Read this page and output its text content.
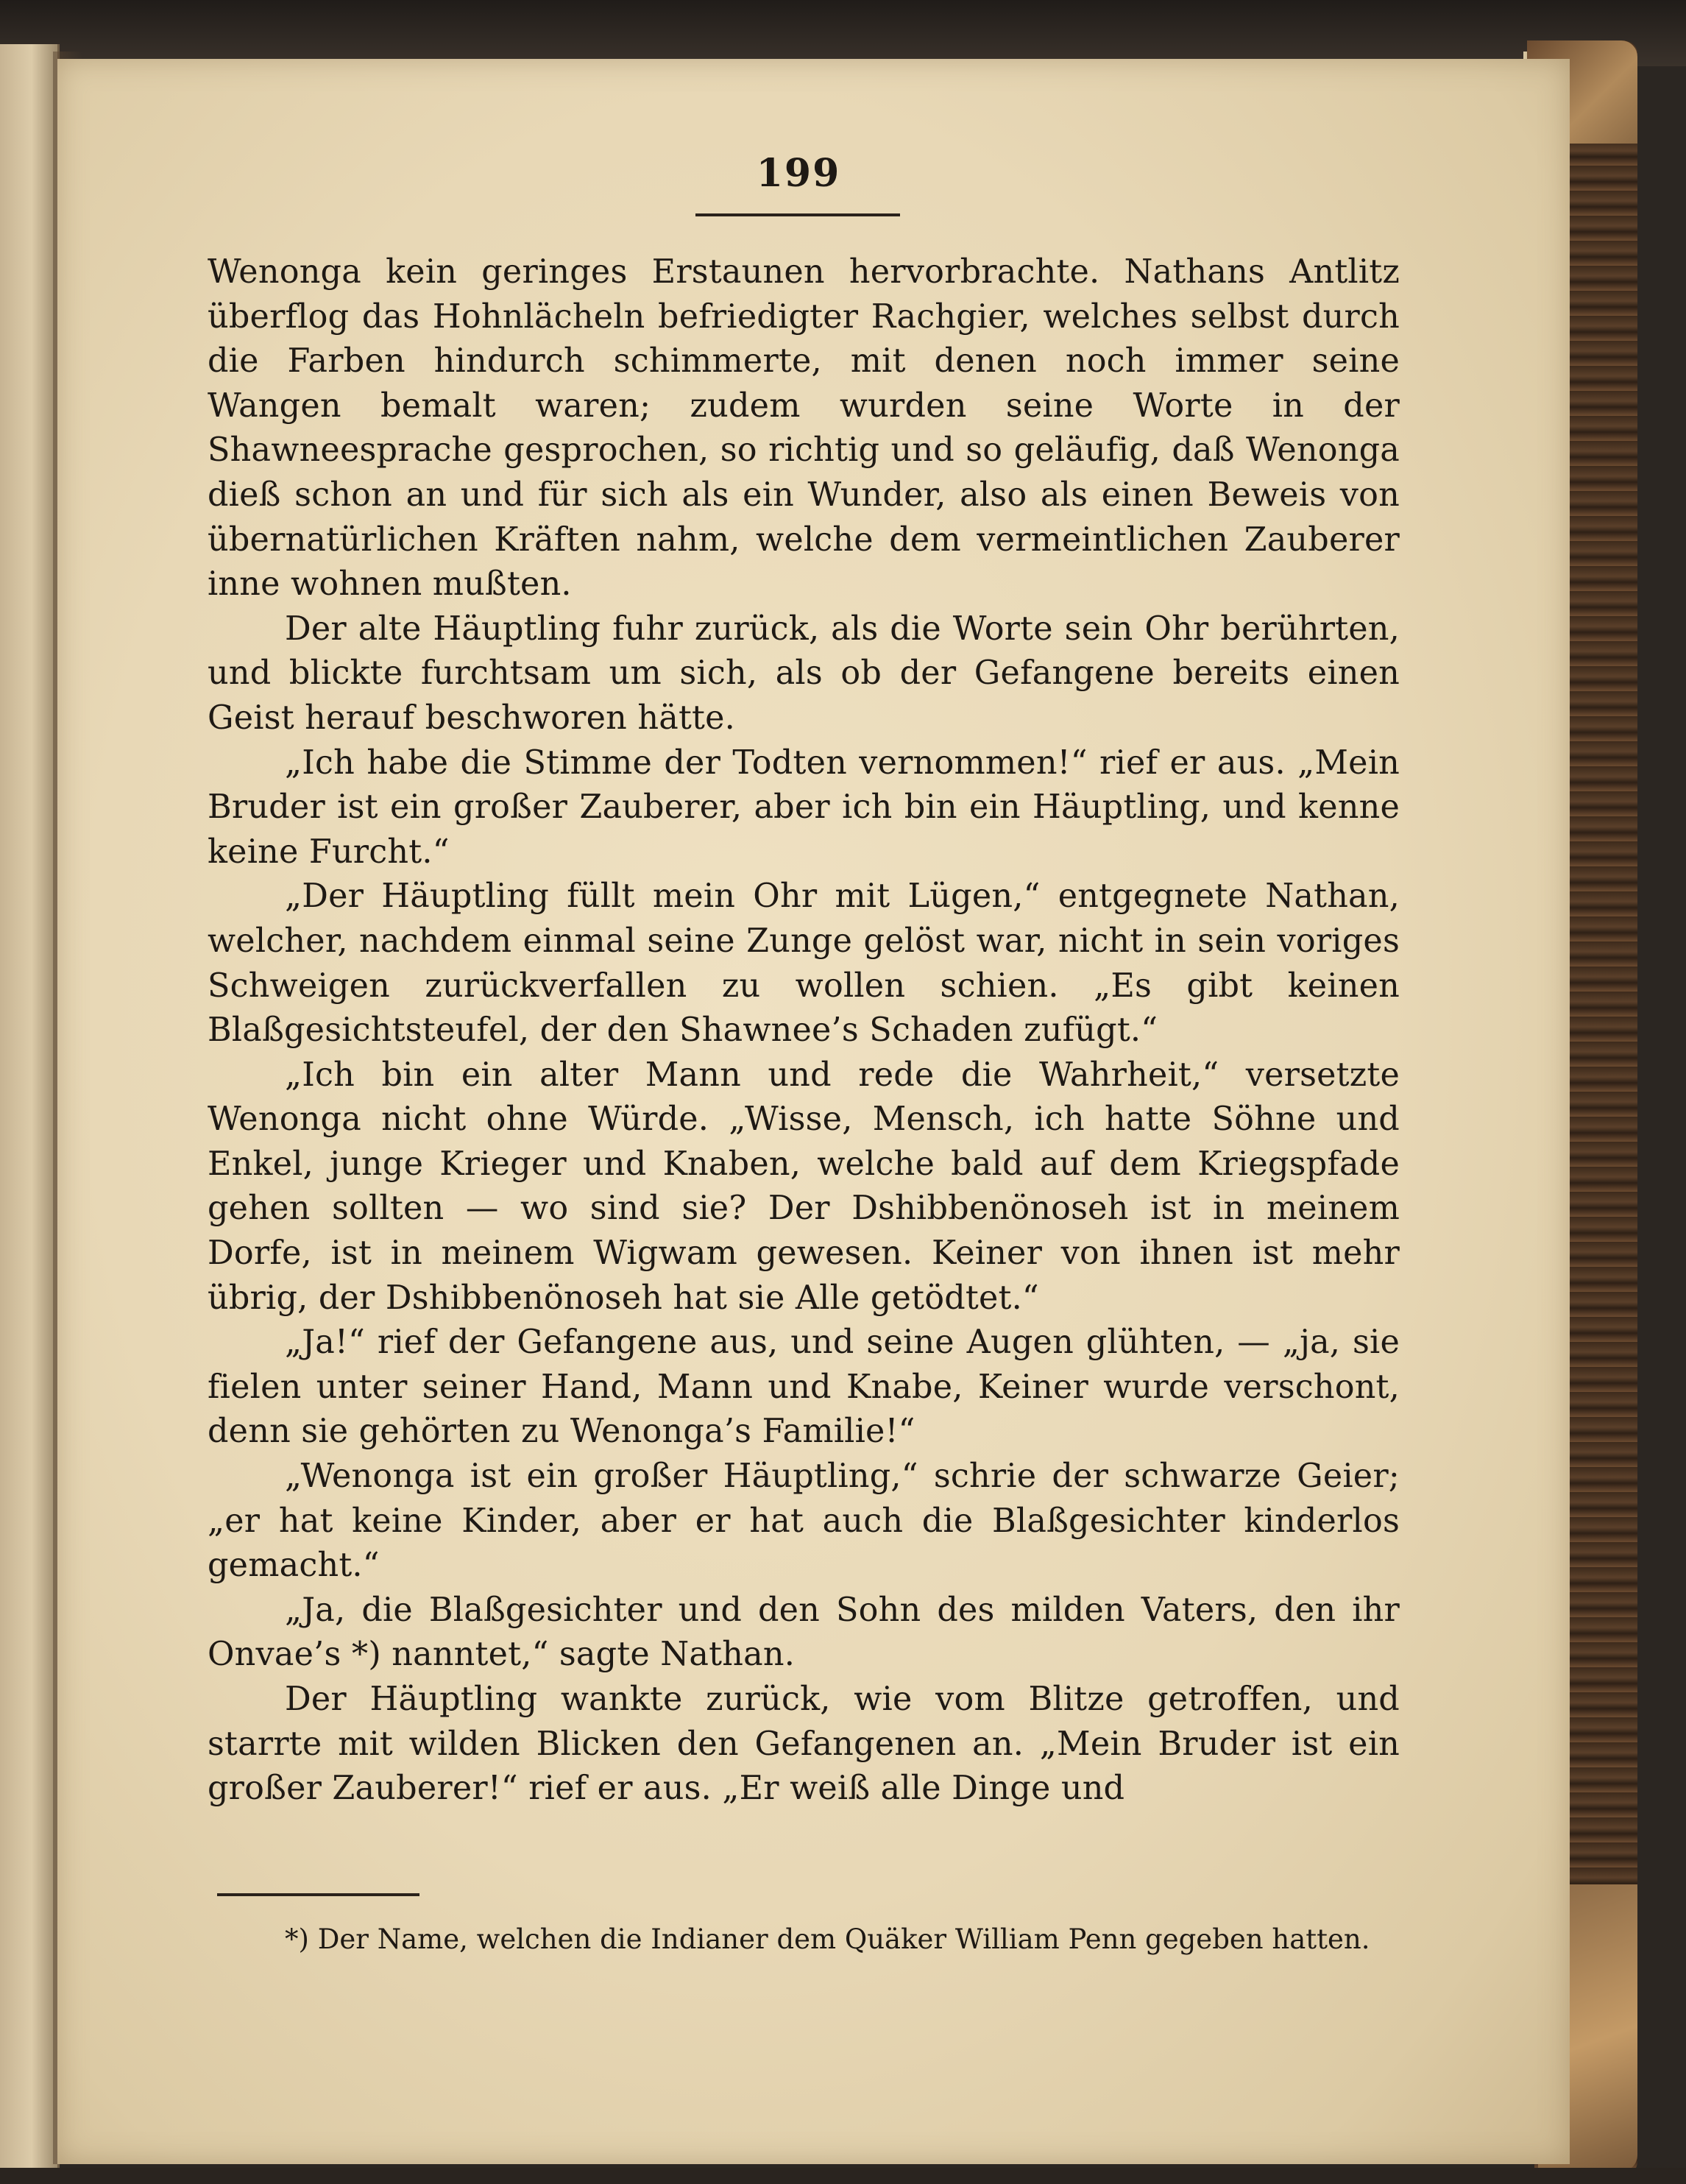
199

Wenonga kein geringes Erstaunen hervorbrachte. Nathans Antlitz überflog das Hohnlächeln befriedigter Rachgier, welches selbst durch die Farben hindurch schimmerte, mit denen noch immer seine Wangen bemalt waren; zudem wurden seine Worte in der Shawneesprache gesprochen, so richtig und so geläufig, daß Wenonga dieß schon an und für sich als ein Wunder, also als einen Beweis von übernatürlichen Kräften nahm, welche dem vermeintlichen Zauberer inne wohnen mußten.

Der alte Häuptling fuhr zurück, als die Worte sein Ohr berührten, und blickte furchtsam um sich, als ob der Gefangene bereits einen Geist herauf beschworen hätte.

„Ich habe die Stimme der Todten vernommen!“ rief er aus. „Mein Bruder ist ein großer Zauberer, aber ich bin ein Häuptling, und kenne keine Furcht.“

„Der Häuptling füllt mein Ohr mit Lügen,“ entgegnete Nathan, welcher, nachdem einmal seine Zunge gelöst war, nicht in sein voriges Schweigen zurückverfallen zu wollen schien. „Es gibt keinen Blaßgesichtsteufel, der den Shawnee’s Schaden zufügt.“

„Ich bin ein alter Mann und rede die Wahrheit,“ versetzte Wenonga nicht ohne Würde. „Wisse, Mensch, ich hatte Söhne und Enkel, junge Krieger und Knaben, welche bald auf dem Kriegspfade gehen sollten — wo sind sie? Der Dshibbenönoseh ist in meinem Dorfe, ist in meinem Wigwam gewesen. Keiner von ihnen ist mehr übrig, der Dshibbenönoseh hat sie Alle getödtet.“

„Ja!“ rief der Gefangene aus, und seine Augen glühten, — „ja, sie fielen unter seiner Hand, Mann und Knabe, Keiner wurde verschont, denn sie gehörten zu Wenonga’s Familie!“

„Wenonga ist ein großer Häuptling,“ schrie der schwarze Geier; „er hat keine Kinder, aber er hat auch die Blaßgesichter kinderlos gemacht.“

„Ja, die Blaßgesichter und den Sohn des milden Vaters, den ihr Onvae’s *) nanntet,“ sagte Nathan.

Der Häuptling wankte zurück, wie vom Blitze getroffen, und starrte mit wilden Blicken den Gefangenen an. „Mein Bruder ist ein großer Zauberer!“ rief er aus. „Er weiß alle Dinge und

*) Der Name, welchen die Indianer dem Quäker William Penn gegeben hatten.
